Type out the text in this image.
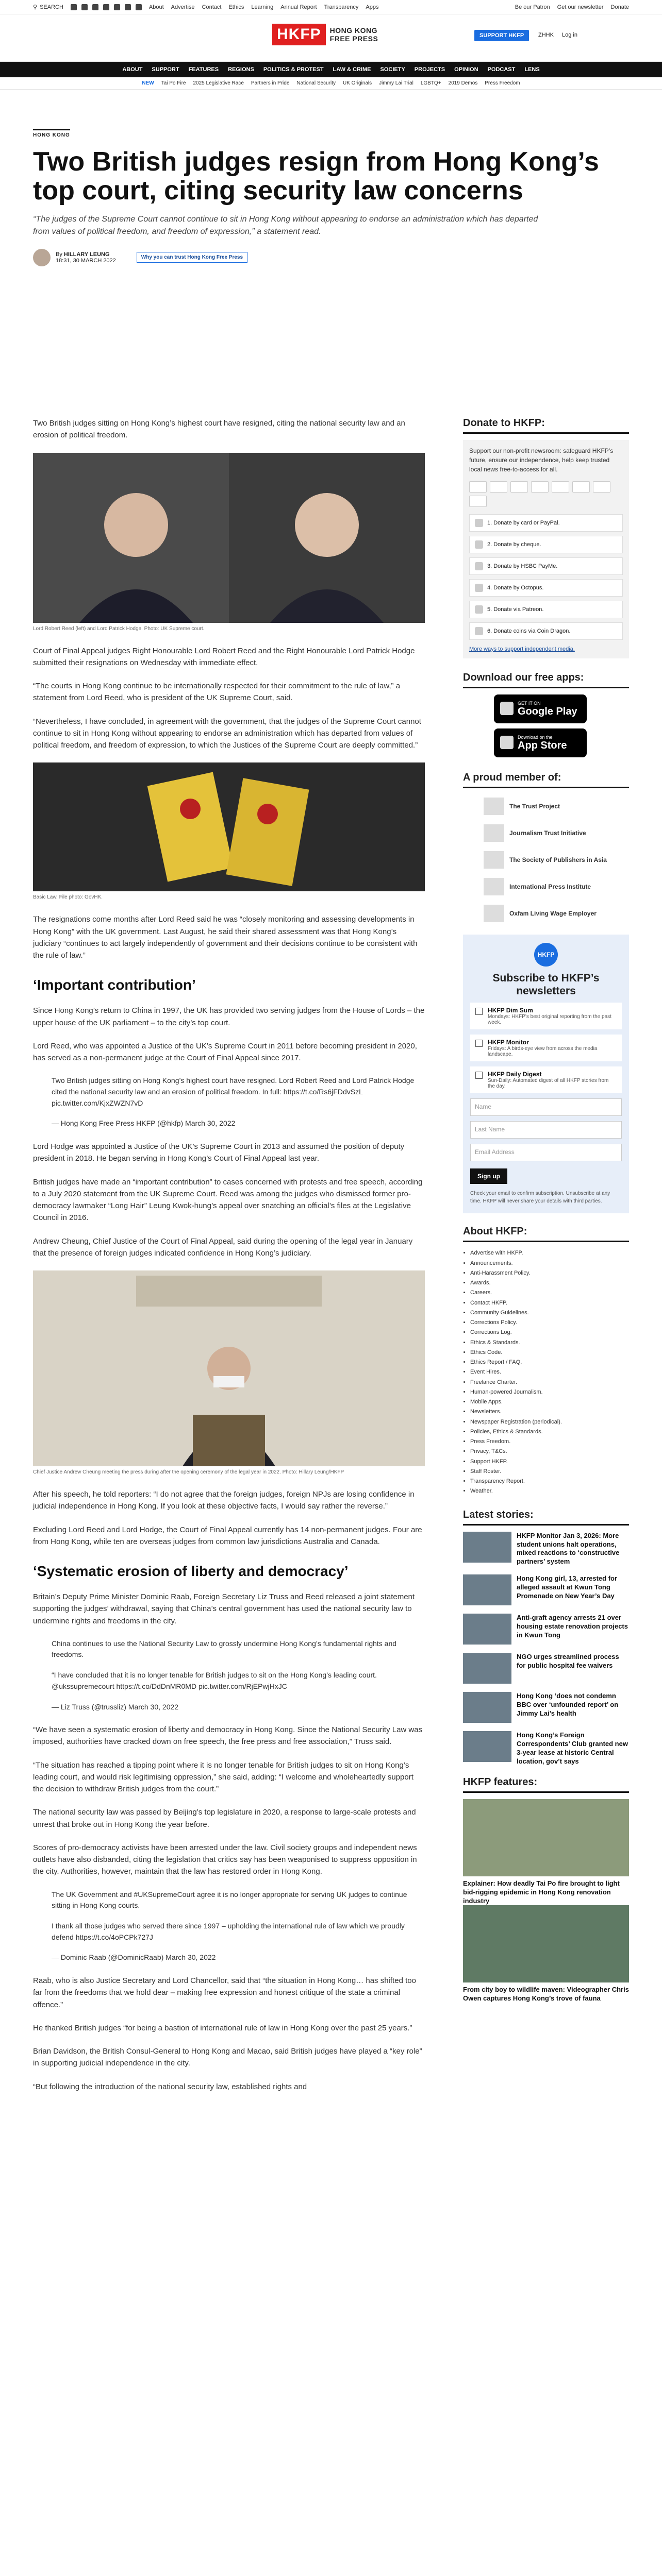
⚲ SEARCH	About Advertise Contact Ethics Learning Annual Report Transparency Apps	Be our Patron Get our newsletter Donate
HKFP	HONG KONG
FREE PRESS	SUPPORT HKFP	ZHHK Log in
ABOUT SUPPORT FEATURES REGIONS POLITICS & PROTEST LAW & CRIME SOCIETY PROJECTS OPINION PODCAST LENS
NEW Tai Po Fire 2025 Legislative Race Partners in Pride National Security UK Originals Jimmy Lai Trial LGBTQ+ 2019 Demos Press Freedom
HONG KONG
Two British judges resign from Hong Kong’s top court, citing security law concerns

“The judges of the Supreme Court cannot continue to sit in Hong Kong without appearing to endorse an administration which has departed from values of political freedom, and freedom of expression,” a statement read.

By HILLARY LEUNG
18:31, 30 MARCH 2022	Why you can trust Hong Kong Free Press

Two British judges sitting on Hong Kong’s highest court have resigned, citing the national security law and an erosion of political freedom.

Lord Robert Reed (left) and Lord Patrick Hodge. Photo: UK Supreme court.

Court of Final Appeal judges Right Honourable Lord Robert Reed and the Right Honourable Lord Patrick Hodge submitted their resignations on Wednesday with immediate effect.

“The courts in Hong Kong continue to be internationally respected for their commitment to the rule of law,” a statement from Lord Reed, who is president of the UK Supreme Court, said.

“Nevertheless, I have concluded, in agreement with the government, that the judges of the Supreme Court cannot continue to sit in Hong Kong without appearing to endorse an administration which has departed from values of political freedom, and freedom of expression, to which the Justices of the Supreme Court are deeply committed.”

Basic Law. File photo: GovHK.

The resignations come months after Lord Reed said he was “closely monitoring and assessing developments in Hong Kong” with the UK government. Last August, he said their shared assessment was that Hong Kong’s judiciary “continues to act largely independently of government and their decisions continue to be consistent with the rule of law.”

‘Important contribution’

Since Hong Kong’s return to China in 1997, the UK has provided two serving judges from the House of Lords – the upper house of the UK parliament – to the city’s top court.

Lord Reed, who was appointed a Justice of the UK’s Supreme Court in 2011 before becoming president in 2020, has served as a non-permanent judge at the Court of Final Appeal since 2017.

Two British judges sitting on Hong Kong’s highest court have resigned. Lord Robert Reed and Lord Patrick Hodge cited the national security law and an erosion of political freedom. In full: https://t.co/Rs6jFDdvSzL pic.twitter.com/KjxZWZN7vD
— Hong Kong Free Press HKFP (@hkfp) March 30, 2022

Lord Hodge was appointed a Justice of the UK’s Supreme Court in 2013 and assumed the position of deputy president in 2018. He began serving in Hong Kong’s Court of Final Appeal last year.

British judges have made an “important contribution” to cases concerned with protests and free speech, according to a July 2020 statement from the UK Supreme Court. Reed was among the judges who dismissed former pro-democracy lawmaker “Long Hair” Leung Kwok-hung’s appeal over snatching an official’s files at the Legislative Council in 2016.

Andrew Cheung, Chief Justice of the Court of Final Appeal, said during the opening of the legal year in January that the presence of foreign judges indicated confidence in Hong Kong’s judiciary.

Chief Justice Andrew Cheung meeting the press during after the opening ceremony of the legal year in 2022. Photo: Hillary Leung/HKFP

After his speech, he told reporters: “I do not agree that the foreign judges, foreign NPJs are losing confidence in judicial independence in Hong Kong. If you look at these objective facts, I would say rather the reverse.”

Excluding Lord Reed and Lord Hodge, the Court of Final Appeal currently has 14 non-permanent judges. Four are from Hong Kong, while ten are overseas judges from common law jurisdictions Australia and Canada.

‘Systematic erosion of liberty and democracy’

Britain’s Deputy Prime Minister Dominic Raab, Foreign Secretary Liz Truss and Reed released a joint statement supporting the judges’ withdrawal, saying that China’s central government has used the national security law to undermine rights and freedoms in the city.

China continues to use the National Security Law to grossly undermine Hong Kong’s fundamental rights and freedoms.
“I have concluded that it is no longer tenable for British judges to sit on the Hong Kong’s leading court. @ukssupremecourt https://t.co/DdDnMR0MD pic.twitter.com/RjEPwjHxJC
— Liz Truss (@trussliz) March 30, 2022

“We have seen a systematic erosion of liberty and democracy in Hong Kong. Since the National Security Law was imposed, authorities have cracked down on free speech, the free press and free association,” Truss said.

“The situation has reached a tipping point where it is no longer tenable for British judges to sit on Hong Kong’s leading court, and would risk legitimising oppression,” she said, adding: “I welcome and wholeheartedly support the decision to withdraw British judges from the court.”

The national security law was passed by Beijing’s top legislature in 2020, a response to large-scale protests and unrest that broke out in Hong Kong the year before.

Scores of pro-democracy activists have been arrested under the law. Civil society groups and independent news outlets have also disbanded, citing the legislation that critics say has been weaponised to suppress opposition in the city. Authorities, however, maintain that the law has restored order in Hong Kong.

The UK Government and #UKSupremeCourt agree it is no longer appropriate for serving UK judges to continue sitting in Hong Kong courts.
I thank all those judges who served there since 1997 – upholding the international rule of law which we proudly defend https://t.co/4oPCPk727J
— Dominic Raab (@DominicRaab) March 30, 2022

Raab, who is also Justice Secretary and Lord Chancellor, said that “the situation in Hong Kong… has shifted too far from the freedoms that we hold dear – making free expression and honest critique of the state a criminal offence.”

He thanked British judges “for being a bastion of international rule of law in Hong Kong over the past 25 years.”

Brian Davidson, the British Consul-General to Hong Kong and Macao, said British judges have played a “key role” in supporting judicial independence in the city.

“But following the introduction of the national security law, established rights and

Donate to HKFP:

Support our non-profit newsroom: safeguard HKFP’s future, ensure our independence, help keep trusted local news free-to-access for all.

1. Donate by card or PayPal.
2. Donate by cheque.
3. Donate by HSBC PayMe.
4. Donate by Octopus.
5. Donate via Patreon.
6. Donate coins via Coin Dragon.
More ways to support independent media.
Download our free apps:
GET IT ON
Google Play
Download on the
App Store
A proud member of:
The Trust Project
Journalism Trust Initiative
The Society of Publishers in Asia
International Press Institute
Oxfam Living Wage Employer
HKFP
Subscribe to HKFP’s newsletters
HKFP Dim Sum
Mondays: HKFP’s best original reporting from the past week.
HKFP Monitor
Fridays: A birds-eye view from across the media landscape.
HKFP Daily Digest
Sun-Daily: Automated digest of all HKFP stories from the day.
Name
Last Name
Email Address
Sign up
Check your email to confirm subscription. Unsubscribe at any time. HKFP will never share your details with third parties.
About HKFP:
• Advertise with HKFP.
• Announcements.
• Anti-Harassment Policy.
• Awards.
• Careers.
• Contact HKFP.
• Community Guidelines.
• Corrections Policy.
• Corrections Log.
• Ethics & Standards.
• Ethics Code.
• Ethics Report / FAQ.
• Event Hires.
• Freelance Charter.
• Human-powered Journalism.
• Mobile Apps.
• Newsletters.
• Newspaper Registration (periodical).
• Policies, Ethics & Standards.
• Press Freedom.
• Privacy, T&Cs.
• Support HKFP.
• Staff Roster.
• Transparency Report.
• Weather.
Latest stories:
HKFP Monitor Jan 3, 2026: More student unions halt operations, mixed reactions to ‘constructive partners’ system
Hong Kong girl, 13, arrested for alleged assault at Kwun Tong Promenade on New Year’s Day
Anti-graft agency arrests 21 over housing estate renovation projects in Kwun Tong
NGO urges streamlined process for public hospital fee waivers
Hong Kong ‘does not condemn BBC over ‘unfounded report’ on Jimmy Lai’s health
Hong Kong’s Foreign Correspondents’ Club granted new 3-year lease at historic Central location, gov’t says
HKFP features:
Explainer: How deadly Tai Po fire brought to light bid-rigging epidemic in Hong Kong renovation industry
From city boy to wildlife maven: Videographer Chris Owen captures Hong Kong’s trove of fauna
